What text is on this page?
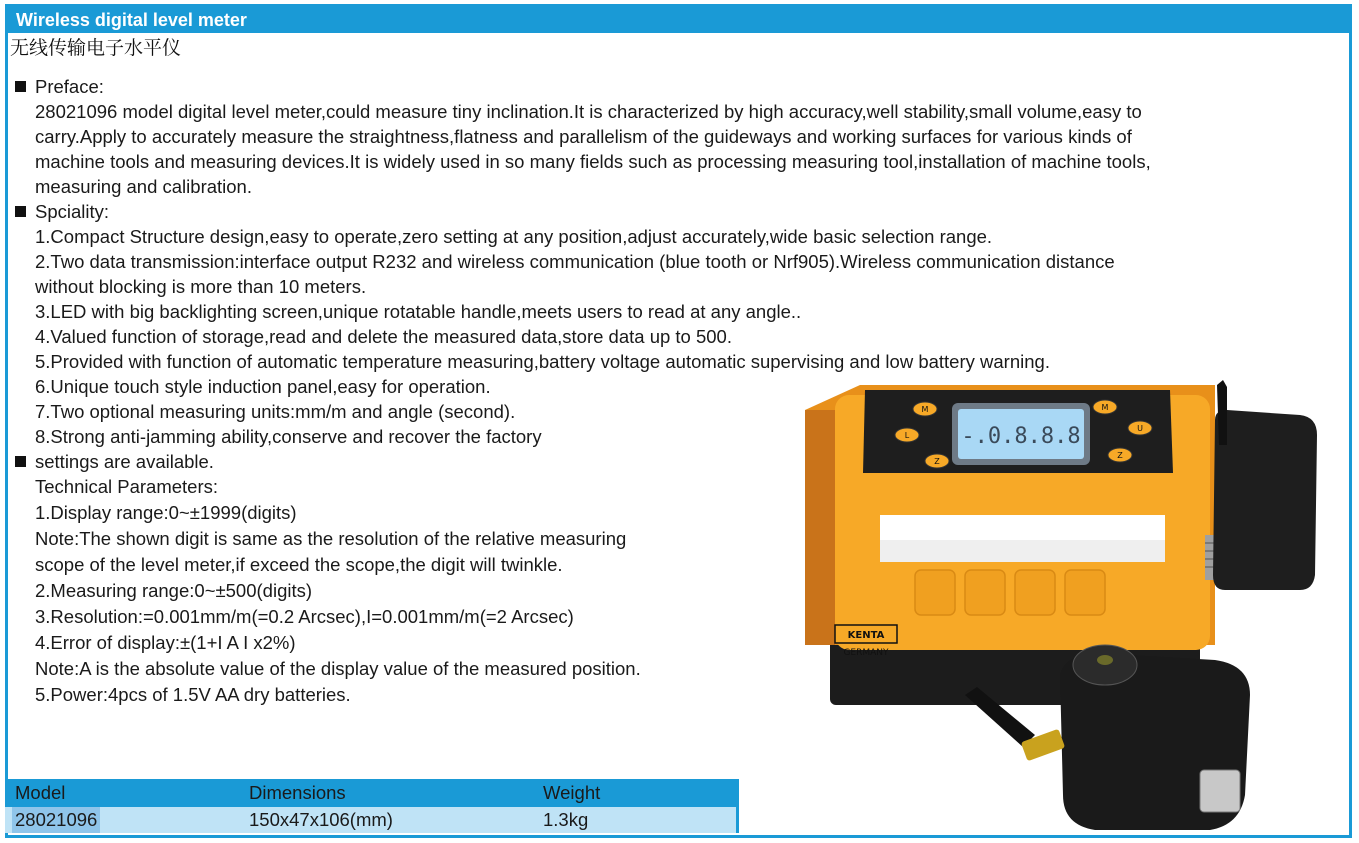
Wireless digital level meter
无线传输电子水平仪
Preface:
28021096 model digital level meter,could measure tiny inclination.It is characterized by high accuracy,well stability,small volume,easy to
carry.Apply to accurately measure the straightness,flatness and parallelism of the guideways and working surfaces for various kinds of
machine tools and measuring devices.It is widely used in so many fields such as processing measuring tool,installation of machine tools,
measuring and calibration.
Spciality:
1.Compact Structure design,easy to operate,zero setting at any position,adjust accurately,wide basic selection range.
2.Two data transmission:interface output R232 and wireless communication (blue tooth or Nrf905).Wireless communication distance
without blocking is more than 10 meters.
3.LED with big backlighting screen,unique rotatable handle,meets users to read at any angle..
4.Valued function of storage,read and delete the measured data,store data up to 500.
5.Provided with function of automatic temperature measuring,battery voltage automatic supervising and low battery warning.
6.Unique touch style induction panel,easy for operation.
7.Two optional measuring units:mm/m and angle (second).
8.Strong anti-jamming ability,conserve and recover the factory
settings are available.
Technical Parameters:
1.Display range:0~±1999(digits)
Note:The shown digit is same as the resolution of the relative measuring
scope of the level meter,if exceed the scope,the digit will twinkle.
2.Measuring range:0~±500(digits)
3.Resolution:=0.001mm/m(=0.2 Arcsec),I=0.001mm/m(=2 Arcsec)
4.Error of display:±(1+I A I x2%)
Note:A is the absolute value of the display value of the measured position.
5.Power:4pcs of 1.5V AA dry batteries.
-.0.8.8.8
M
L
Z
M
U
Z
KENTA
GERMANY
Model	Dimensions	Weight
28021096	150x47x106(mm)	1.3kg
